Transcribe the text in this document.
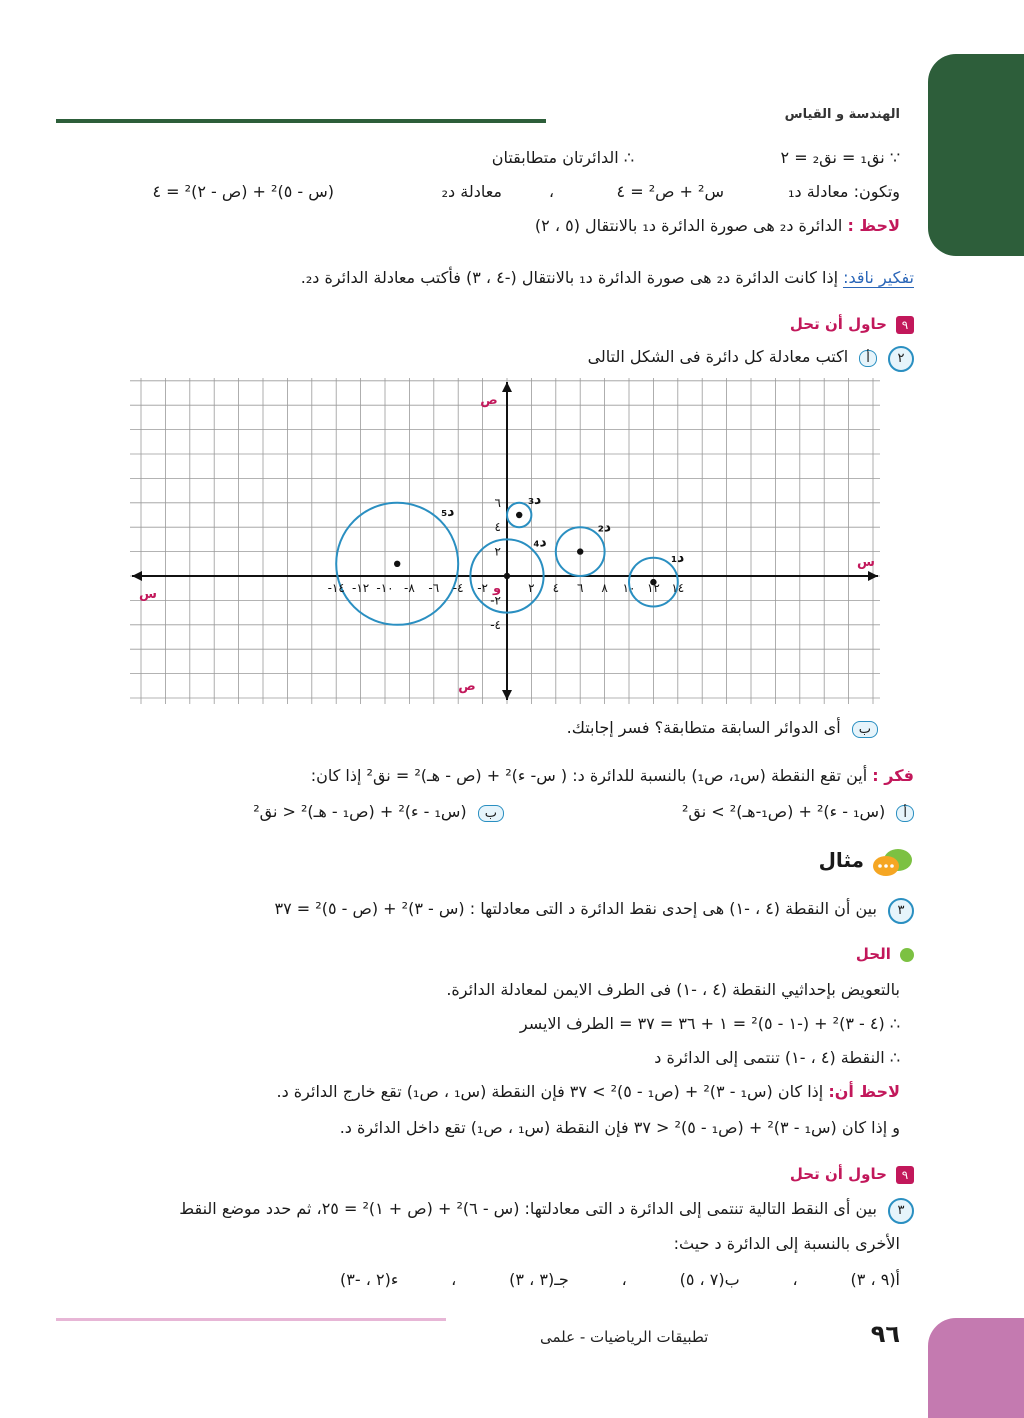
الهندسة و القياس
∵ نق₁ = نق₂ = ٢
∴ الدائرتان متطابقتان
وتكون: معادلة د₁
س² + ص² = ٤
،
معادلة د₂
(س - ٥)² + (ص - ٢)² = ٤
لاحظ : الدائرة د₂ هى صورة الدائرة د₁ بالانتقال (٥ ، ٢)
تفكير ناقد: إذا كانت الدائرة د₂ هى صورة الدائرة د₁ بالانتقال (-٤ ، ٣) فأكتب معادلة الدائرة د₂.
٩ حاول أن تحل
٢ أ اكتب معادلة كل دائرة فى الشكل التالى
د₁
د₂
د₃
د₄
د₅
-١٤ -١٢ -١٠ -٨ -٦ -٤ -٢	٢ ٤ ٦ ٨ ١٠ ١٢ ١٤
٦
٤
٢
-٢
-٤
س
س
ص
ص
و
ب أى الدوائر السابقة متطابقة؟ فسر إجابتك.
فكر : أين تقع النقطة (س₁، ص₁) بالنسبة للدائرة د: ( س- ء)² + (ص - هـ)² = نق² إذا كان:
أ (س₁ - ء)² + (ص₁-هـ)² > نق²
ب (س₁ - ء)² + (ص₁ - هـ)² < نق²
مثال
٣ بين أن النقطة (٤ ، -١) هى إحدى نقط الدائرة د التى معادلتها : (س - ٣)² + (ص - ٥)² = ٣٧
الحل
بالتعويض بإحداثيي النقطة (٤ ، -١) فى الطرف الايمن لمعادلة الدائرة.
∴ (٤ - ٣)² + (-١ - ٥)² = ١ + ٣٦ = ٣٧ = الطرف الايسر
∴ النقطة (٤ ، -١) تنتمى إلى الدائرة د
لاحظ أن: إذا كان (س₁ - ٣)² + (ص₁ - ٥)² > ٣٧ فإن النقطة (س₁ ، ص₁) تقع خارج الدائرة د.
و إذا كان (س₁ - ٣)² + (ص₁ - ٥)² < ٣٧ فإن النقطة (س₁ ، ص₁) تقع داخل الدائرة د.
٩ حاول أن تحل
٣ بين أى النقط التالية تنتمى إلى الدائرة د التى معادلتها: (س - ٦)² + (ص + ١)² = ٢٥، ثم حدد موضع النقط
الأخرى بالنسبة إلى الدائرة د حيث:
أ(٩ ، ٣)
،
ب(٧ ، ٥)
،
جـ(٣ ، ٣)
،
ء(٢ ، -٣)
٩٦
تطبيقات الرياضيات - علمى
